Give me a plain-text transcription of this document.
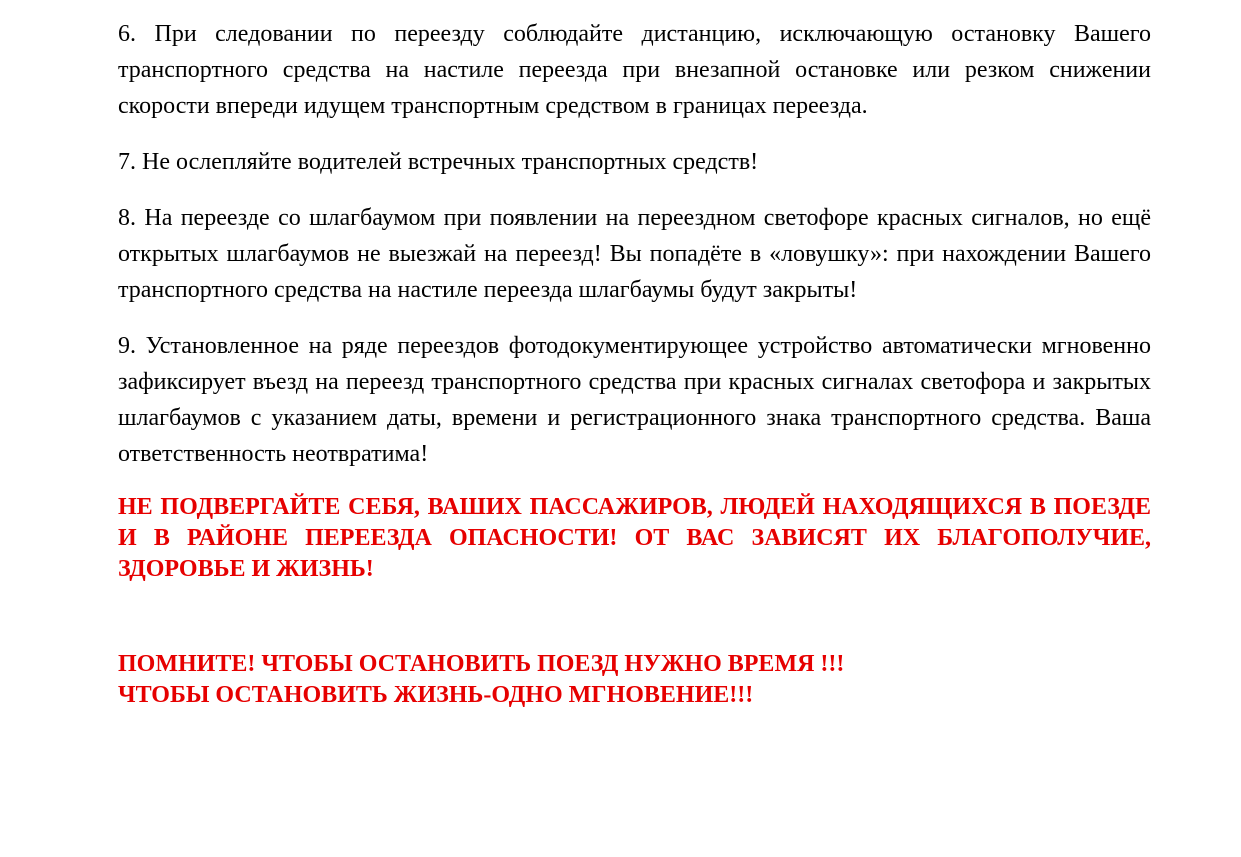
6. При следовании по переезду соблюдайте дистанцию, исключающую остановку Вашего транспортного средства на настиле переезда при внезапной остановке или резком снижении скорости впереди идущем транспортным средством в границах переезда.

7. Не ослепляйте водителей встречных транспортных средств!

8. На переезде со шлагбаумом при появлении на переездном светофоре красных сигналов, но ещё открытых шлагбаумов не выезжай на переезд! Вы попадёте в «ловушку»: при нахождении Вашего транспортного средства на настиле переезда шлагбаумы будут закрыты!

9. Установленное на ряде переездов фотодокументирующее устройство автоматически мгновенно зафиксирует въезд на переезд транспортного средства при красных сигналах светофора и закрытых шлагбаумов с указанием даты, времени и регистрационного знака транспортного средства. Ваша ответственность неотвратима!

НЕ ПОДВЕРГАЙТЕ СЕБЯ, ВАШИХ ПАССАЖИРОВ, ЛЮДЕЙ НАХОДЯЩИХСЯ В ПОЕЗДЕ И В РАЙОНЕ ПЕРЕЕЗДА ОПАСНОСТИ! ОТ ВАС ЗАВИСЯТ ИХ БЛАГОПОЛУЧИЕ, ЗДОРОВЬЕ И ЖИЗНЬ!

ПОМНИТЕ! ЧТОБЫ ОСТАНОВИТЬ ПОЕЗД НУЖНО ВРЕМЯ !!!
ЧТОБЫ ОСТАНОВИТЬ ЖИЗНЬ-ОДНО МГНОВЕНИЕ!!!
